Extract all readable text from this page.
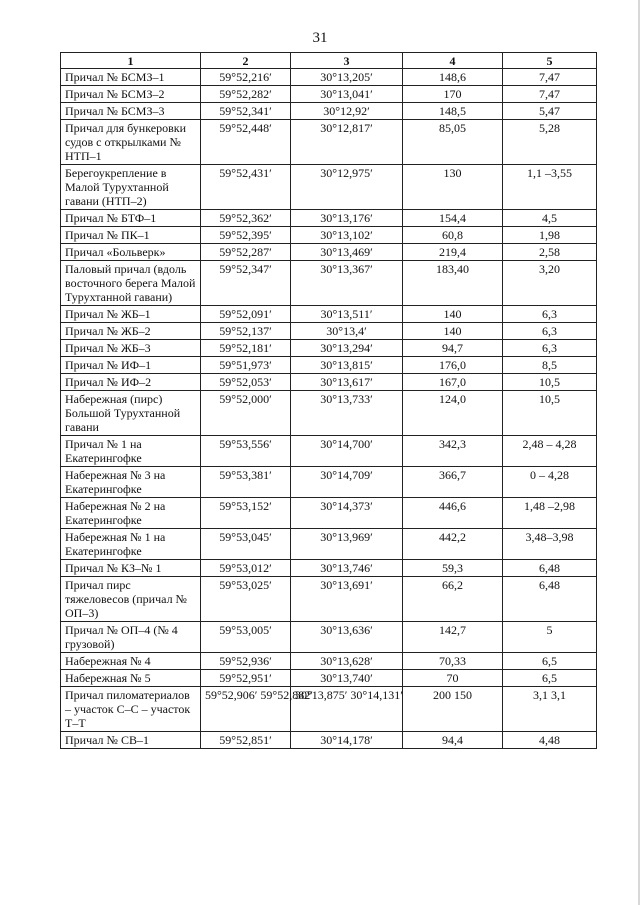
31
1	2	3	4	5
Причал № БСМЗ–1	59°52,216′	30°13,205′	148,6	7,47
Причал № БСМЗ–2	59°52,282′	30°13,041′	170	7,47
Причал № БСМЗ–3	59°52,341′	30°12,92′	148,5	5,47
Причал для бункеровки судов с открылками № НТП–1	59°52,448′	30°12,817′	85,05	5,28
Берегоукрепление в Малой Турухтанной гавани (НТП–2)	59°52,431′	30°12,975′	130	1,1 –3,55
Причал № БТФ–1	59°52,362′	30°13,176′	154,4	4,5
Причал № ПК–1	59°52,395′	30°13,102′	60,8	1,98
Причал «Больверк»	59°52,287′	30°13,469′	219,4	2,58
Паловый причал (вдоль восточного берега Малой Турухтанной гавани)	59°52,347′	30°13,367′	183,40	3,20
Причал № ЖБ–1	59°52,091′	30°13,511′	140	6,3
Причал № ЖБ–2	59°52,137′	30°13,4′	140	6,3
Причал № ЖБ–3	59°52,181′	30°13,294′	94,7	6,3
Причал № ИФ–1	59°51,973′	30°13,815′	176,0	8,5
Причал № ИФ–2	59°52,053′	30°13,617′	167,0	10,5
Набережная (пирс) Большой Турухтанной гавани	59°52,000′	30°13,733′	124,0	10,5
Причал № 1 на Екатерингофке	59°53,556′	30°14,700′	342,3	2,48 – 4,28
Набережная № 3 на Екатерингофке	59°53,381′	30°14,709′	366,7	0 – 4,28
Набережная № 2 на Екатерингофке	59°53,152′	30°14,373′	446,6	1,48 –2,98
Набережная № 1 на Екатерингофке	59°53,045′	30°13,969′	442,2	3,48–3,98
Причал № КЗ–№ 1	59°53,012′	30°13,746′	59,3	6,48
Причал пирс тяжеловесов (причал № ОП–3)	59°53,025′	30°13,691′	66,2	6,48
Причал № ОП–4 (№ 4 грузовой)	59°53,005′	30°13,636′	142,7	5
Набережная № 4	59°52,936′	30°13,628′	70,33	6,5
Набережная № 5	59°52,951′	30°13,740′	70	6,5
Причал пиломатериалов – участок С–С – участок Т–Т	59°52,906′ 59°52,882′	30°13,875′ 30°14,131′	200 150	3,1 3,1
Причал № СВ–1	59°52,851′	30°14,178′	94,4	4,48
